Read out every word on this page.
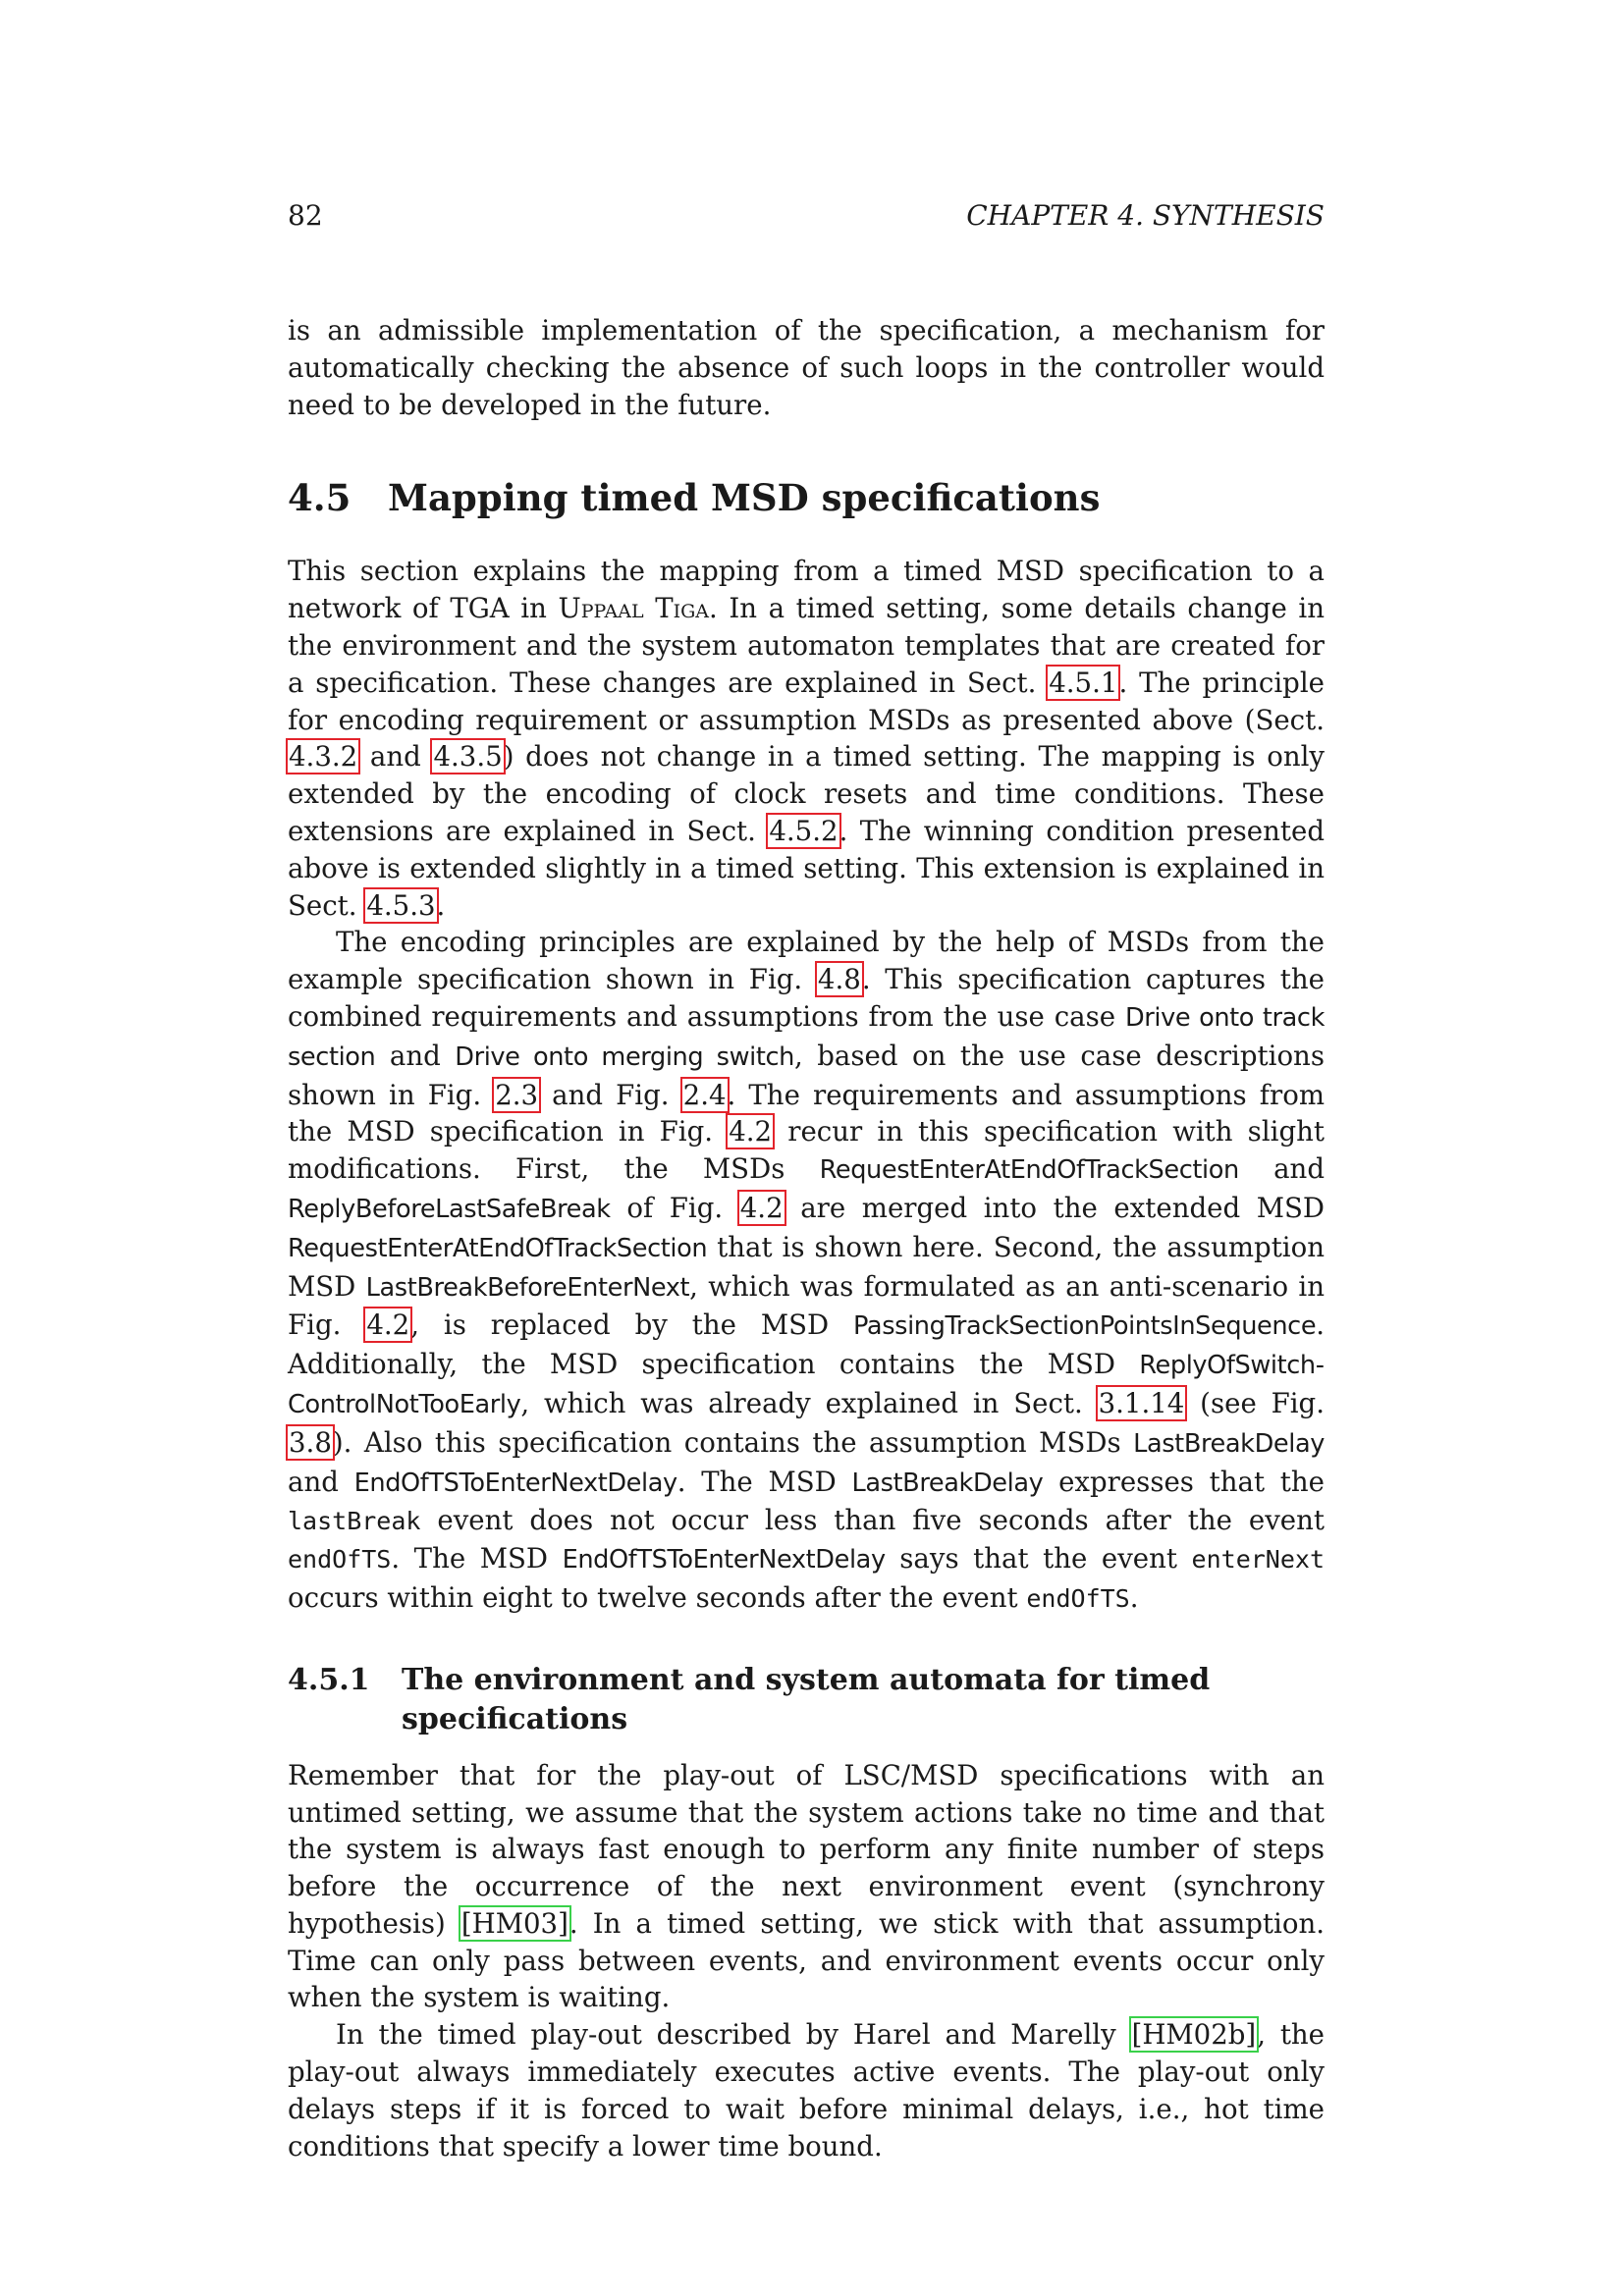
82	CHAPTER 4. SYNTHESIS

is an admissible implementation of the specification, a mechanism for automatically checking the absence of such loops in the controller would need to be developed in the future.

4.5	Mapping timed MSD specifications

This section explains the mapping from a timed MSD specification to a network of TGA in Uppaal Tiga. In a timed setting, some details change in the environment and the system automaton templates that are created for a specification. These changes are explained in Sect. 4.5.1. The principle for encoding requirement or assumption MSDs as presented above (Sect. 4.3.2 and 4.3.5) does not change in a timed setting. The mapping is only extended by the encoding of clock resets and time conditions. These extensions are explained in Sect. 4.5.2. The winning condition presented above is extended slightly in a timed setting. This extension is explained in Sect. 4.5.3.

The encoding principles are explained by the help of MSDs from the example specification shown in Fig. 4.8. This specification captures the combined requirements and assumptions from the use case Drive onto track section and Drive onto merging switch, based on the use case descriptions shown in Fig. 2.3 and Fig. 2.4. The requirements and assumptions from the MSD specification in Fig. 4.2 recur in this specification with slight modifications. First, the MSDs RequestEnterAtEndOfTrackSection and ReplyBeforeLastSafeBreak of Fig. 4.2 are merged into the extended MSD RequestEnterAtEndOfTrackSection that is shown here. Second, the assumption MSD LastBreakBeforeEnterNext, which was formulated as an anti-scenario in Fig. 4.2, is replaced by the MSD PassingTrackSectionPointsInSequence. Additionally, the MSD specification contains the MSD ReplyOfSwitchControlNotTooEarly, which was already explained in Sect. 3.1.14 (see Fig. 3.8). Also this specification contains the assumption MSDs LastBreakDelay and EndOfTSToEnterNextDelay. The MSD LastBreakDelay expresses that the lastBreak event does not occur less than five seconds after the event endOfTS. The MSD EndOfTSToEnterNextDelay says that the event enterNext occurs within eight to twelve seconds after the event endOfTS.

4.5.1	The environment and system automata for timed specifications

Remember that for the play-out of LSC/MSD specifications with an untimed setting, we assume that the system actions take no time and that the system is always fast enough to perform any finite number of steps before the occurrence of the next environment event (synchrony hypothesis) [HM03]. In a timed setting, we stick with that assumption. Time can only pass between events, and environment events occur only when the system is waiting.

In the timed play-out described by Harel and Marelly [HM02b], the play-out always immediately executes active events. The play-out only delays steps if it is forced to wait before minimal delays, i.e., hot time conditions that specify a lower time bound.
